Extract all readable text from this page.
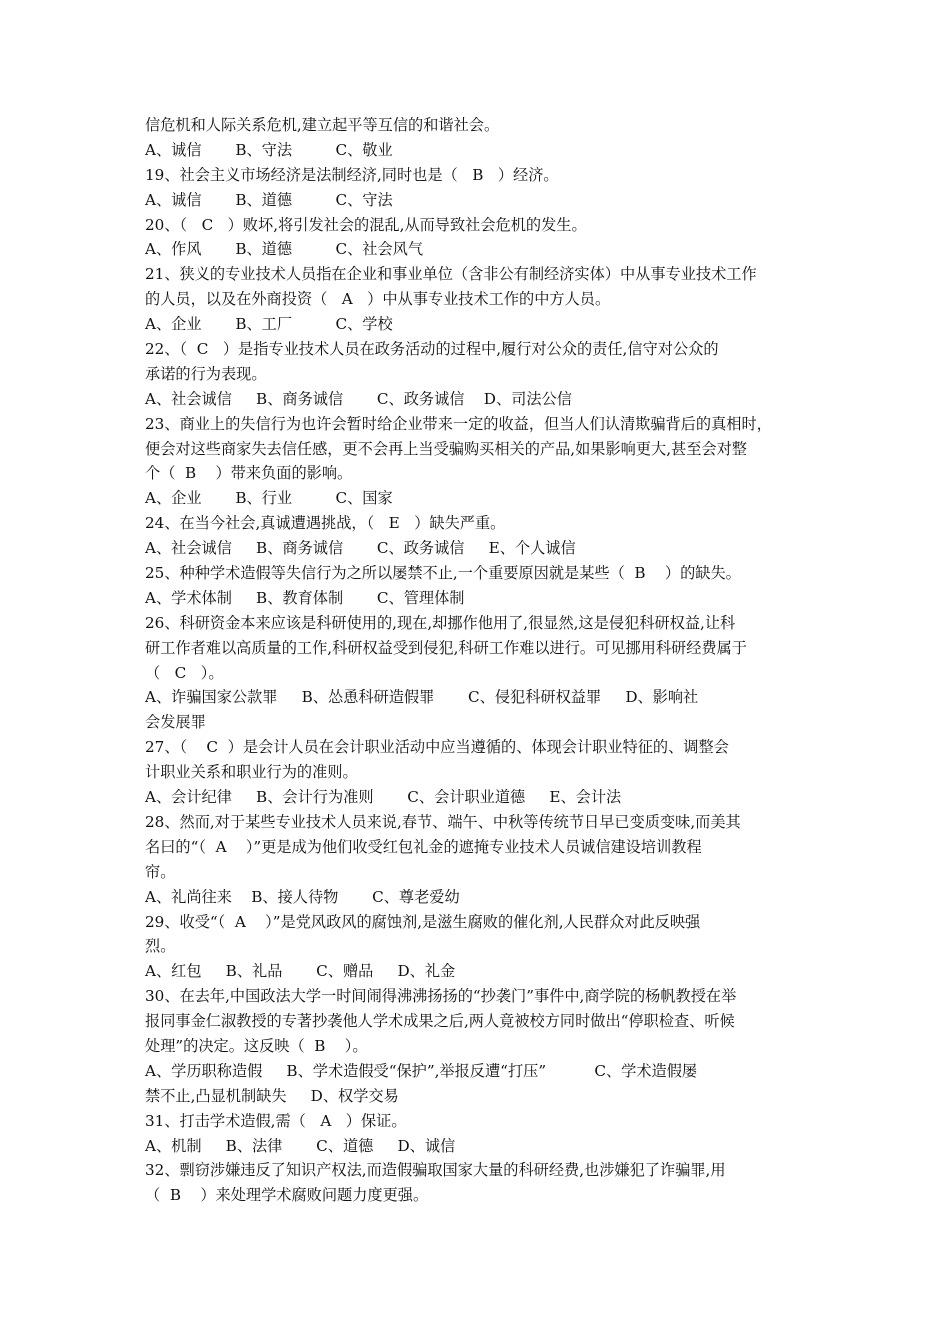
信危机和人际关系危机,建立起平等互信的和谐社会。
A、诚信       B、守法         C、敬业
19、社会主义市场经济是法制经济,同时也是（   B   ）经济。
A、诚信       B、道德         C、守法
20、（   C   ）败坏,将引发社会的混乱,从而导致社会危机的发生。
A、作风       B、道德         C、社会风气
21、狭义的专业技术人员指在企业和事业单位（含非公有制经济实体）中从事专业技术工作
的人员，以及在外商投资（   A   ）中从事专业技术工作的中方人员。
A、企业       B、工厂         C、学校
22、（  C   ）是指专业技术人员在政务活动的过程中,履行对公众的责任,信守对公众的
承诺的行为表现。
A、社会诚信     B、商务诚信       C、政务诚信    D、司法公信
23、商业上的失信行为也许会暂时给企业带来一定的收益，但当人们认清欺骗背后的真相时，
便会对这些商家失去信任感，更不会再上当受骗购买相关的产品,如果影响更大,甚至会对整
个（  B    ）带来负面的影响。
A、企业       B、行业         C、国家
24、在当今社会,真诚遭遇挑战，（   E   ）缺失严重。
A、社会诚信     B、商务诚信       C、政务诚信     E、个人诚信
25、种种学术造假等失信行为之所以屡禁不止,一个重要原因就是某些（  B    ）的缺失。
A、学术体制     B、教育体制       C、管理体制
26、科研资金本来应该是科研使用的,现在,却挪作他用了,很显然,这是侵犯科研权益,让科
研工作者难以高质量的工作,科研权益受到侵犯,科研工作难以进行。可见挪用科研经费属于
（   C   ）。
A、诈骗国家公款罪     B、怂恿科研造假罪       C、侵犯科研权益罪     D、影响社
会发展罪
27、（    C  ）是会计人员在会计职业活动中应当遵循的、体现会计职业特征的、调整会
计职业关系和职业行为的准则。
A、会计纪律     B、会计行为准则       C、会计职业道德     E、会计法
28、然而,对于某些专业技术人员来说,春节、端午、中秋等传统节日早已变质变味,而美其
名曰的“（  A    ）”更是成为他们收受红包礼金的遮掩专业技术人员诚信建设培训教程
帘。
A、礼尚往来    B、接人待物       C、尊老爱幼
29、收受“（  A    ）”是党风政风的腐蚀剂,是滋生腐败的催化剂,人民群众对此反映强
烈。
A、红包     B、礼品       C、赠品     D、礼金
30、在去年,中国政法大学一时间闹得沸沸扬扬的“抄袭门”事件中,商学院的杨帆教授在举
报同事金仁淑教授的专著抄袭他人学术成果之后,两人竟被校方同时做出“停职检查、听候
处理”的决定。这反映（  B    ）。
A、学历职称造假     B、学术造假受“保护”,举报反遭“打压”          C、学术造假屡
禁不止,凸显机制缺失     D、权学交易
31、打击学术造假,需（   A   ）保证。
A、机制     B、法律       C、道德     D、诚信
32、剽窃涉嫌违反了知识产权法,而造假骗取国家大量的科研经费,也涉嫌犯了诈骗罪,用
（  B    ）来处理学术腐败问题力度更强。
